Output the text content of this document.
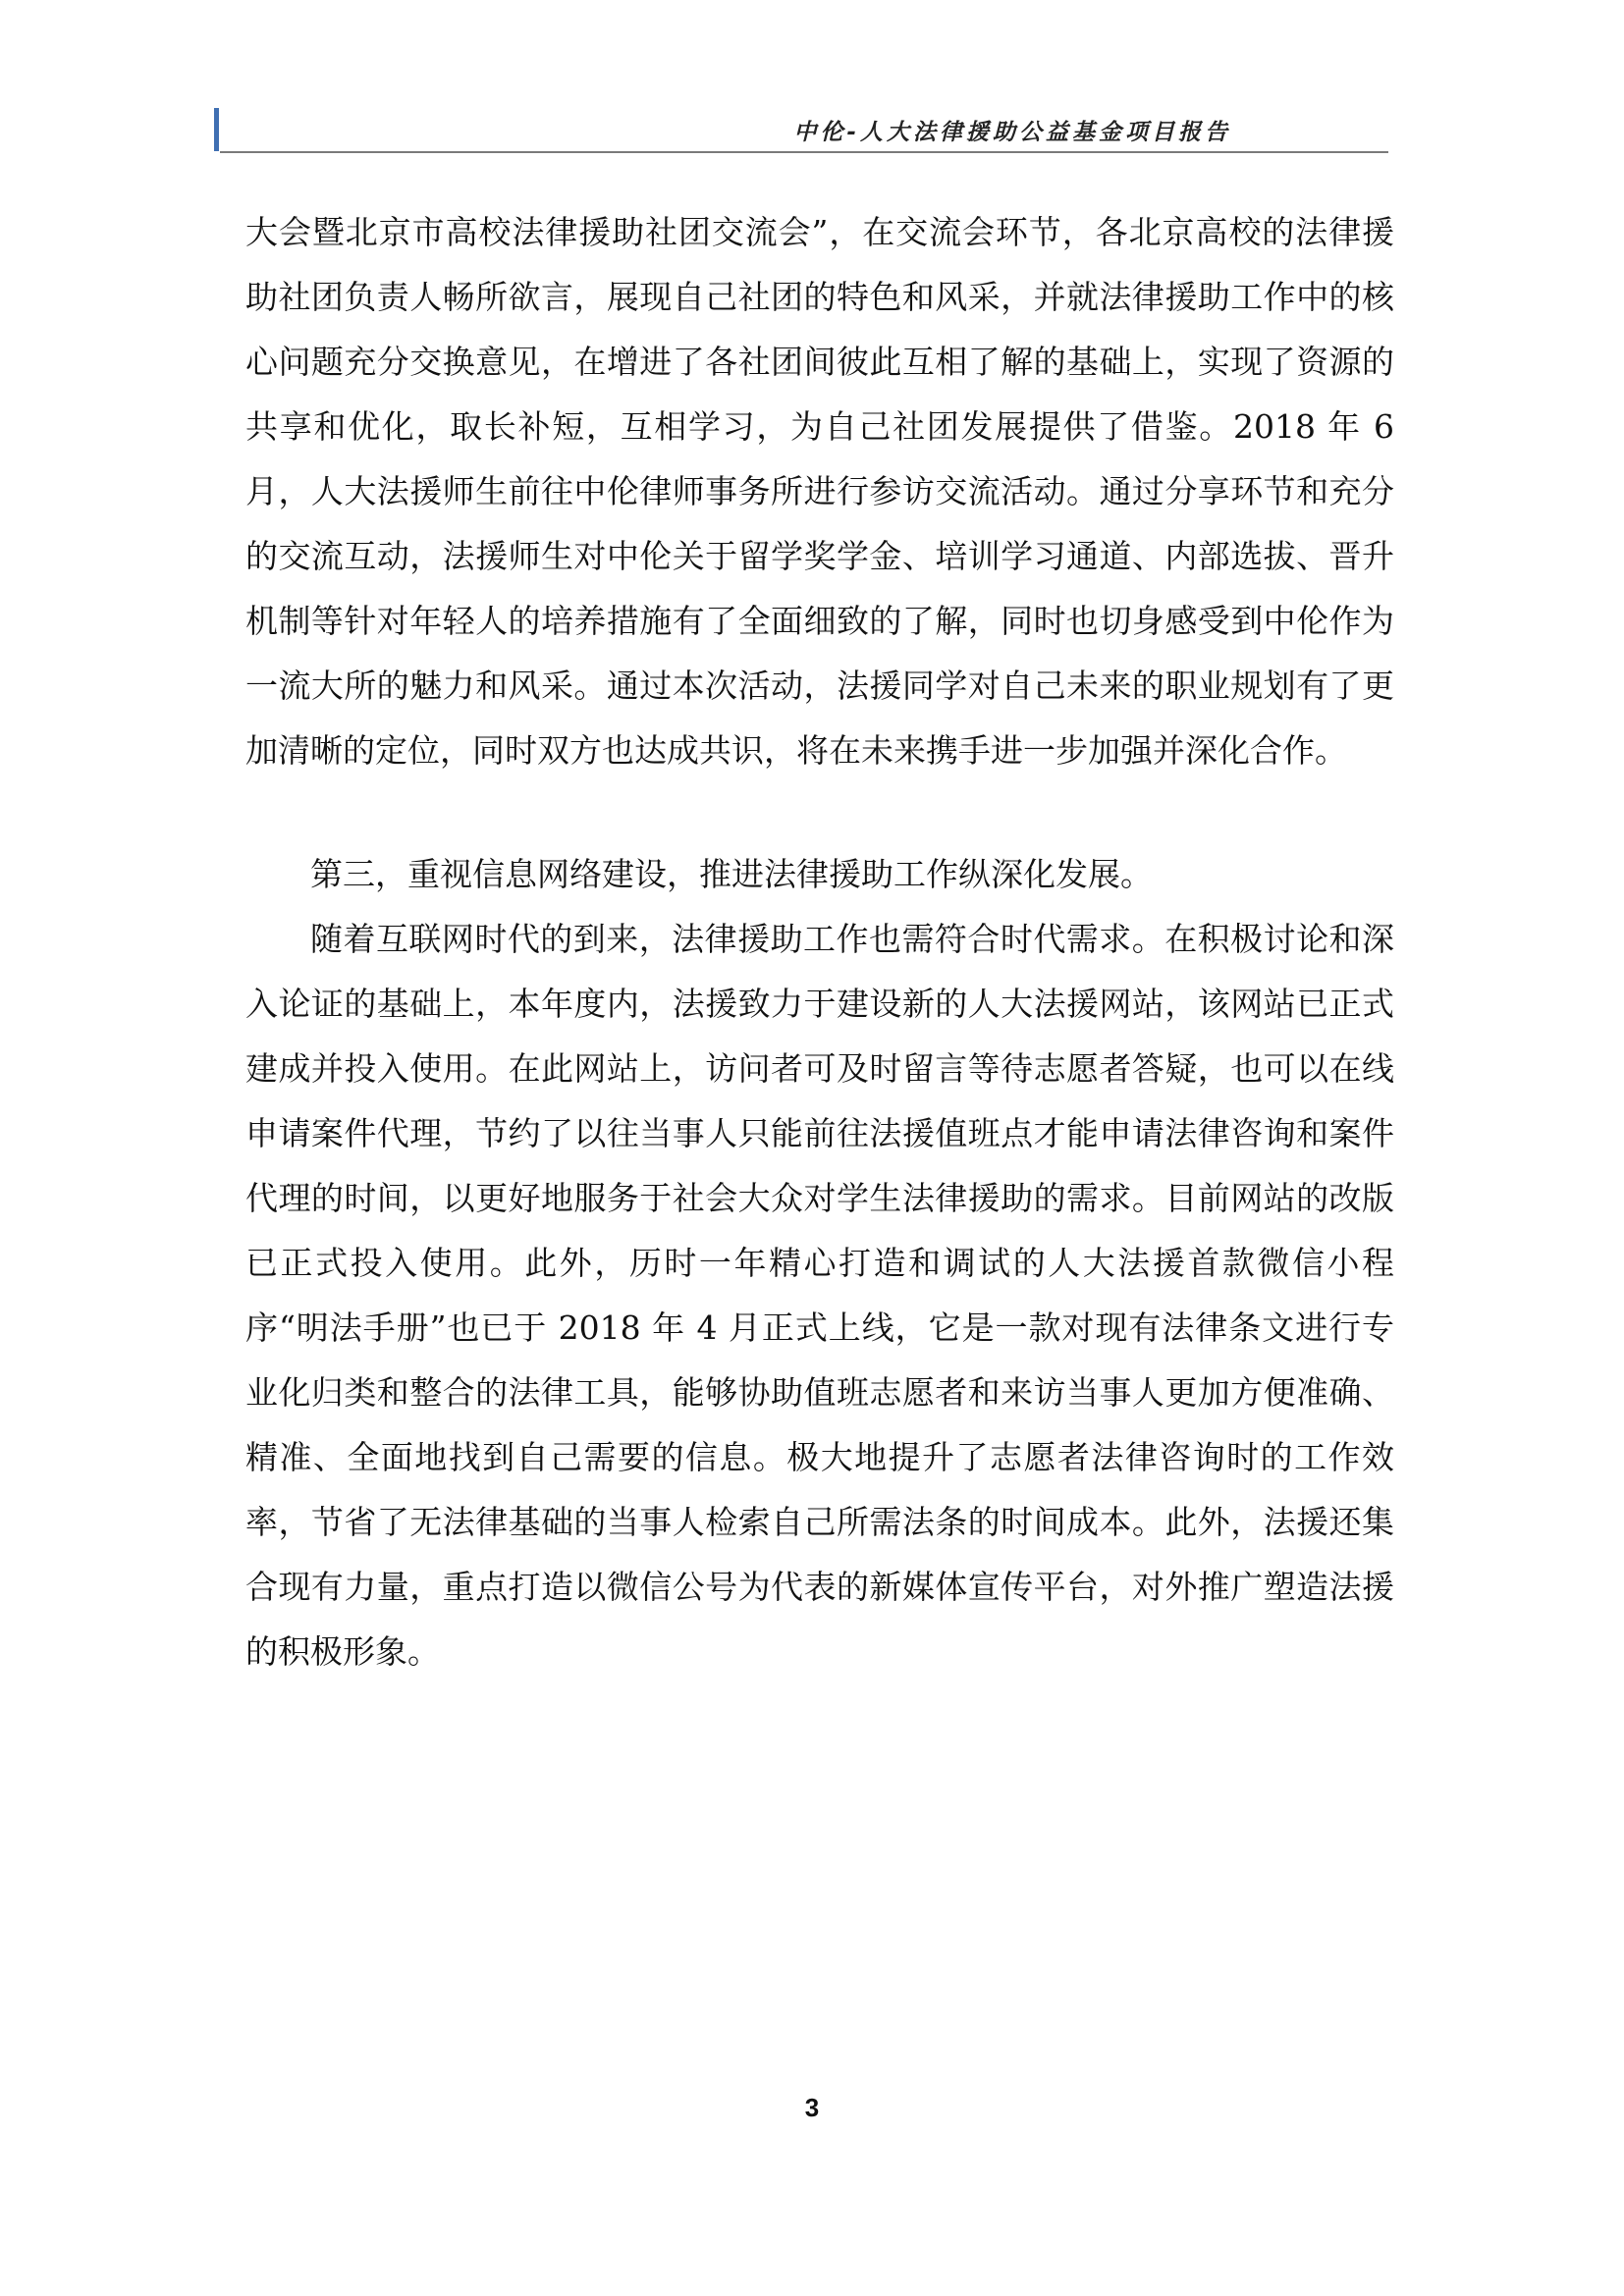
中伦-人大法律援助公益基金项目报告

大会暨北京市高校法律援助社团交流会”，在交流会环节，各北京高校的法律援助社团负责人畅所欲言，展现自己社团的特色和风采，并就法律援助工作中的核心问题充分交换意见，在增进了各社团间彼此互相了解的基础上，实现了资源的共享和优化，取长补短，互相学习，为自己社团发展提供了借鉴。2018 年 6 月，人大法援师生前往中伦律师事务所进行参访交流活动。通过分享环节和充分的交流互动，法援师生对中伦关于留学奖学金、培训学习通道、内部选拔、晋升机制等针对年轻人的培养措施有了全面细致的了解，同时也切身感受到中伦作为一流大所的魅力和风采。通过本次活动，法援同学对自己未来的职业规划有了更加清晰的定位，同时双方也达成共识，将在未来携手进一步加强并深化合作。

第三，重视信息网络建设，推进法律援助工作纵深化发展。

随着互联网时代的到来，法律援助工作也需符合时代需求。在积极讨论和深入论证的基础上，本年度内，法援致力于建设新的人大法援网站，该网站已正式建成并投入使用。在此网站上，访问者可及时留言等待志愿者答疑，也可以在线申请案件代理，节约了以往当事人只能前往法援值班点才能申请法律咨询和案件代理的时间，以更好地服务于社会大众对学生法律援助的需求。目前网站的改版已正式投入使用。此外，历时一年精心打造和调试的人大法援首款微信小程序“明法手册”也已于 2018 年 4 月正式上线，它是一款对现有法律条文进行专业化归类和整合的法律工具，能够协助值班志愿者和来访当事人更加方便准确、精准、全面地找到自己需要的信息。极大地提升了志愿者法律咨询时的工作效率，节省了无法律基础的当事人检索自己所需法条的时间成本。此外，法援还集合现有力量，重点打造以微信公号为代表的新媒体宣传平台，对外推广塑造法援的积极形象。

3
